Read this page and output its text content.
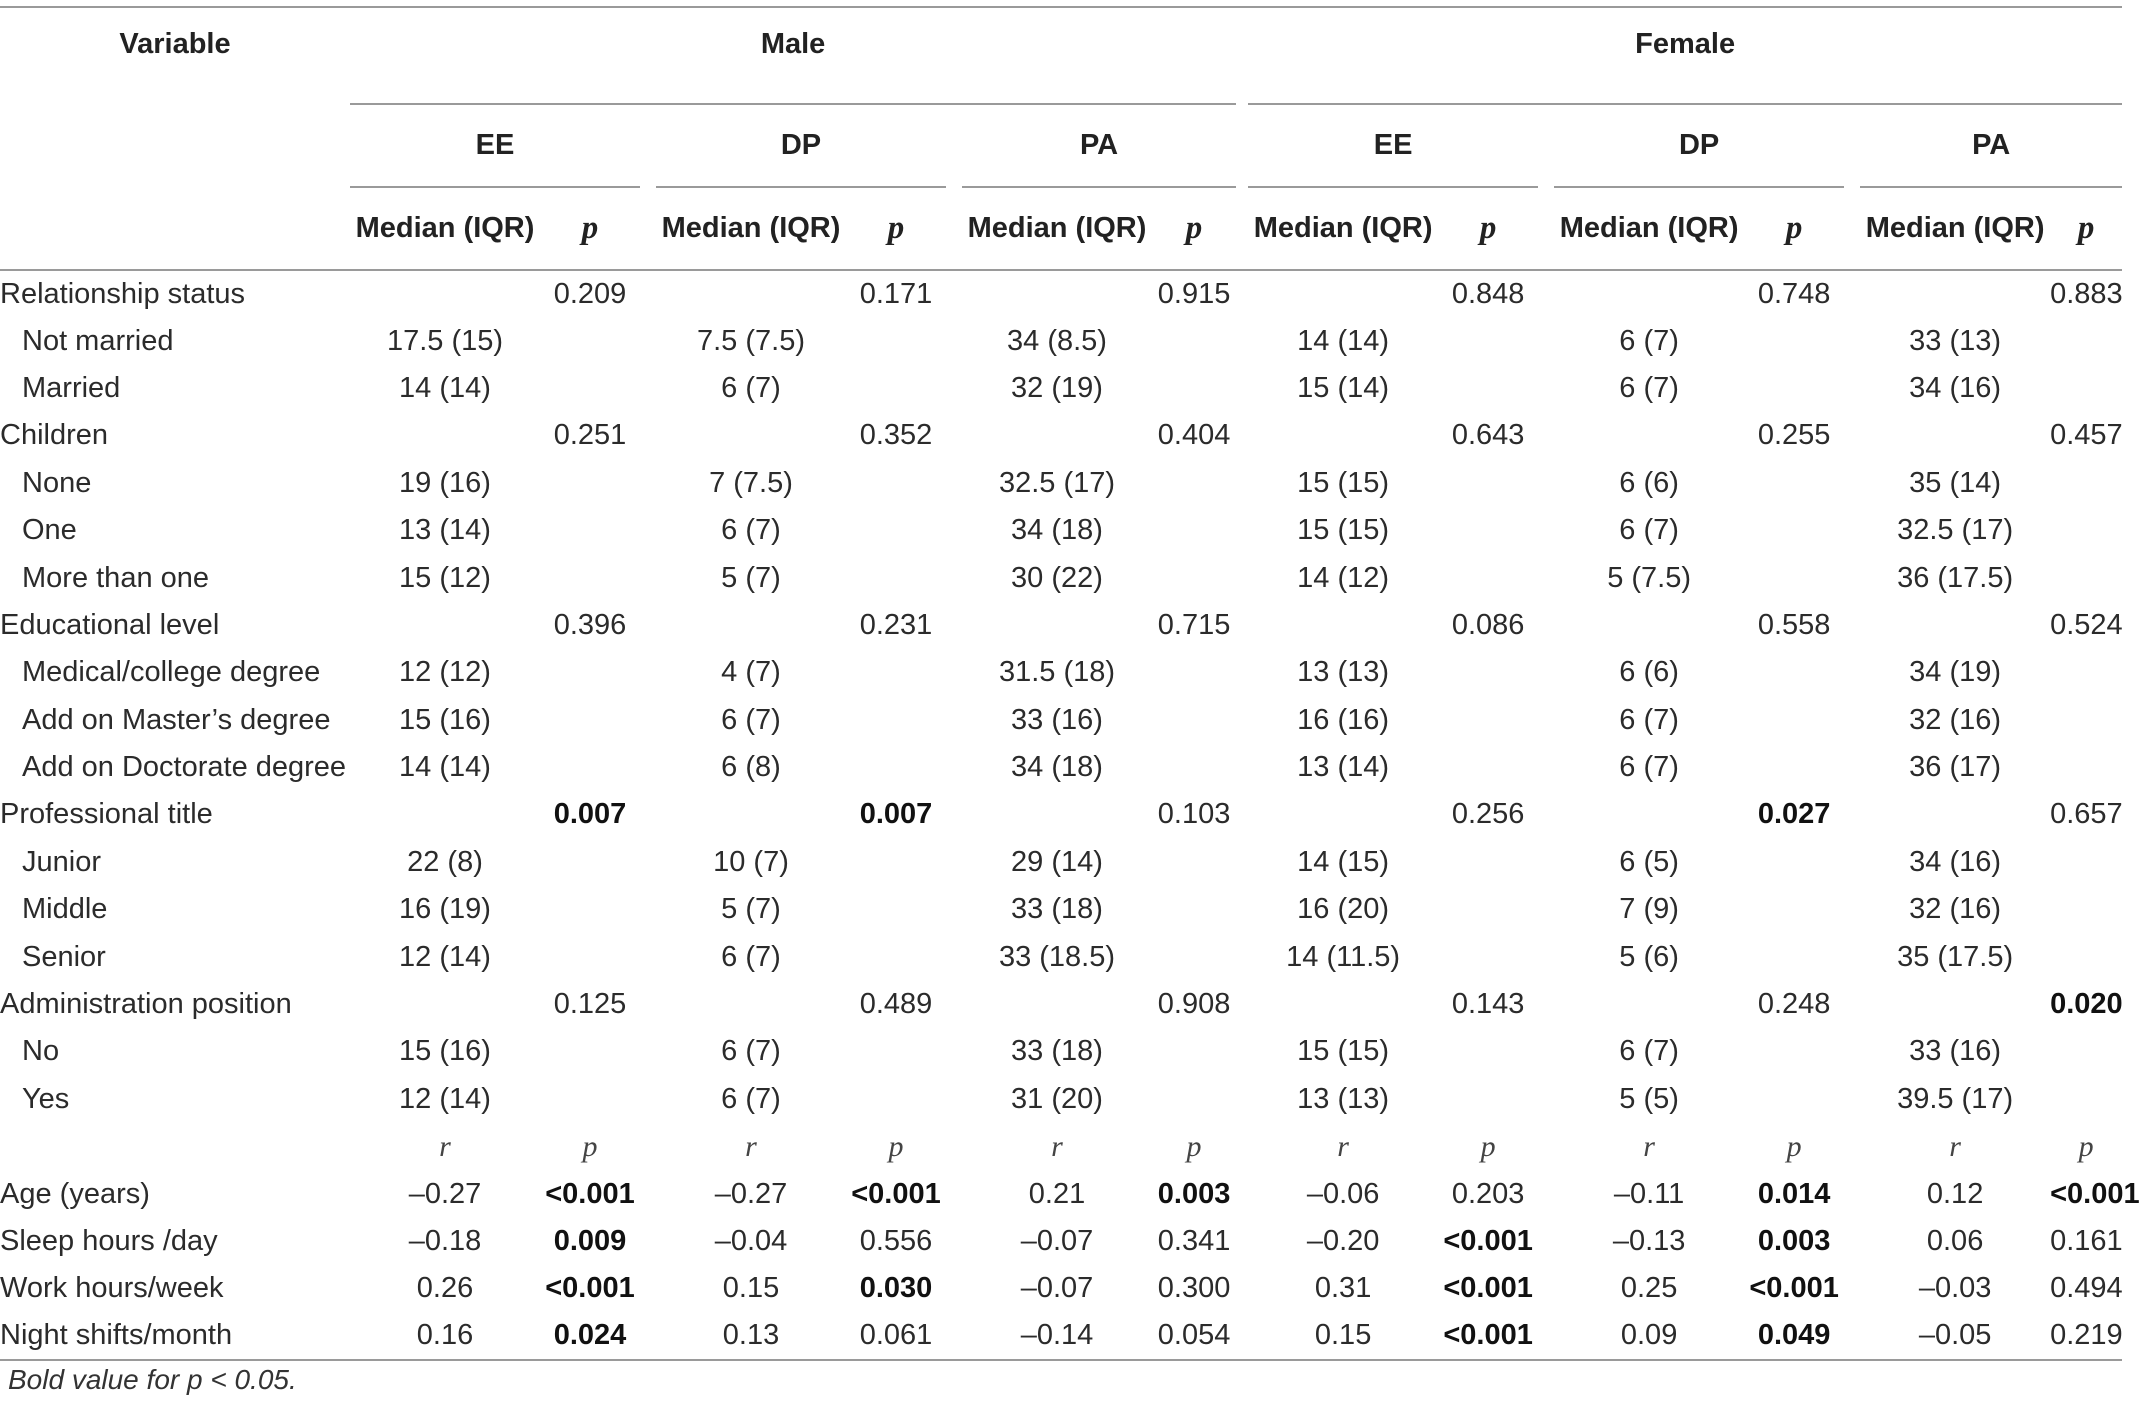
Variable	Male									Female							
	EE			DP			PA			EE			DP			PA	
	Median (IQR)	p		Median (IQR)	p		Median (IQR)	p		Median (IQR)	p		Median (IQR)	p		Median (IQR)	p
Relationship status		0.209			0.171			0.915			0.848			0.748			0.883
Not married	17.5 (15)			7.5 (7.5)			34 (8.5)			14 (14)			6 (7)			33 (13)	
Married	14 (14)			6 (7)			32 (19)			15 (14)			6 (7)			34 (16)	
Children		0.251			0.352			0.404			0.643			0.255			0.457
None	19 (16)			7 (7.5)			32.5 (17)			15 (15)			6 (6)			35 (14)	
One	13 (14)			6 (7)			34 (18)			15 (15)			6 (7)			32.5 (17)	
More than one	15 (12)			5 (7)			30 (22)			14 (12)			5 (7.5)			36 (17.5)	
Educational level		0.396			0.231			0.715			0.086			0.558			0.524
Medical/college degree	12 (12)			4 (7)			31.5 (18)			13 (13)			6 (6)			34 (19)	
Add on Master’s degree	15 (16)			6 (7)			33 (16)			16 (16)			6 (7)			32 (16)	
Add on Doctorate degree	14 (14)			6 (8)			34 (18)			13 (14)			6 (7)			36 (17)	
Professional title		0.007			0.007			0.103			0.256			0.027			0.657
Junior	22 (8)			10 (7)			29 (14)			14 (15)			6 (5)			34 (16)	
Middle	16 (19)			5 (7)			33 (18)			16 (20)			7 (9)			32 (16)	
Senior	12 (14)			6 (7)			33 (18.5)			14 (11.5)			5 (6)			35 (17.5)	
Administration position		0.125			0.489			0.908			0.143			0.248			0.020
No	15 (16)			6 (7)			33 (18)			15 (15)			6 (7)			33 (16)	
Yes	12 (14)			6 (7)			31 (20)			13 (13)			5 (5)			39.5 (17)	
	r	p		r	p		r	p		r	p		r	p		r	p
Age (years)	–0.27	<0.001		–0.27	<0.001		0.21	0.003		–0.06	0.203		–0.11	0.014		0.12	<0.001
Sleep hours /day	–0.18	0.009		–0.04	0.556		–0.07	0.341		–0.20	<0.001		–0.13	0.003		0.06	0.161
Work hours/week	0.26	<0.001		0.15	0.030		–0.07	0.300		0.31	<0.001		0.25	<0.001		–0.03	0.494
Night shifts/month	0.16	0.024		0.13	0.061		–0.14	0.054		0.15	<0.001		0.09	0.049		–0.05	0.219
Bold value for p < 0.05.
